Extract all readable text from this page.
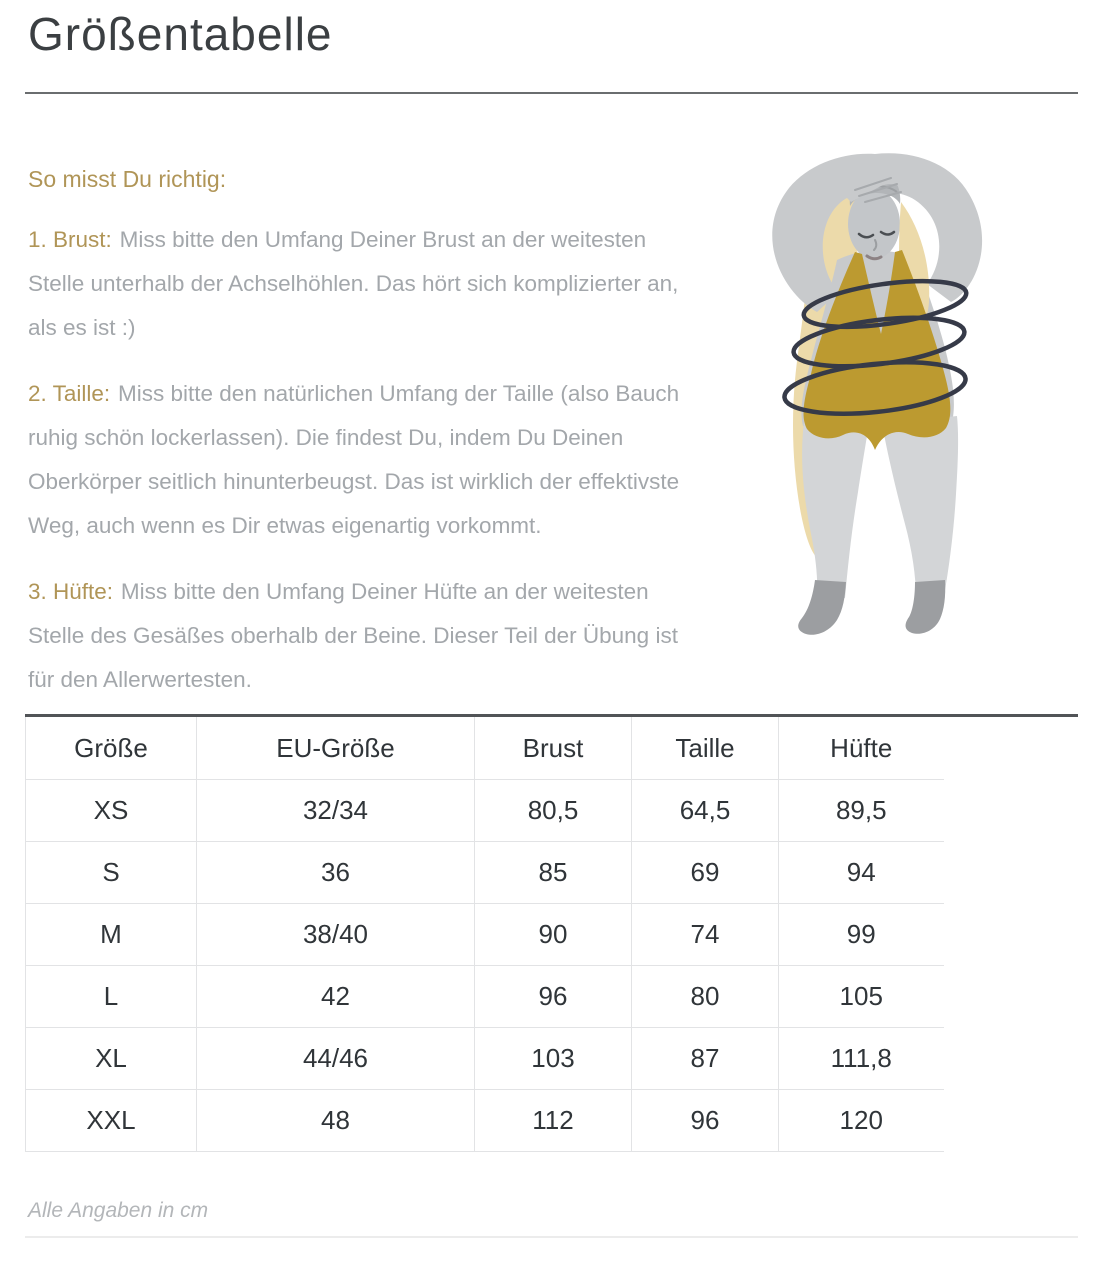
Größentabelle
So misst Du richtig:

1. Brust: Miss bitte den Umfang Deiner Brust an der weitesten Stelle unterhalb der Achselhöhlen. Das hört sich komplizierter an, als es ist :)

2. Taille: Miss bitte den natürlichen Umfang der Taille (also Bauch ruhig schön lockerlassen). Die findest Du, indem Du Deinen Oberkörper seitlich hinunterbeugst. Das ist wirklich der effektivste Weg, auch wenn es Dir etwas eigenartig vorkommt.

3. Hüfte: Miss bitte den Umfang Deiner Hüfte an der weitesten Stelle des Gesäßes oberhalb der Beine. Dieser Teil der Übung ist für den Allerwertesten.

Größe	EU-Größe	Brust	Taille	Hüfte
XS	32/34	80,5	64,5	89,5
S	36	85	69	94
M	38/40	90	74	99
L	42	96	80	105
XL	44/46	103	87	111,8
XXL	48	112	96	120

Alle Angaben in cm
